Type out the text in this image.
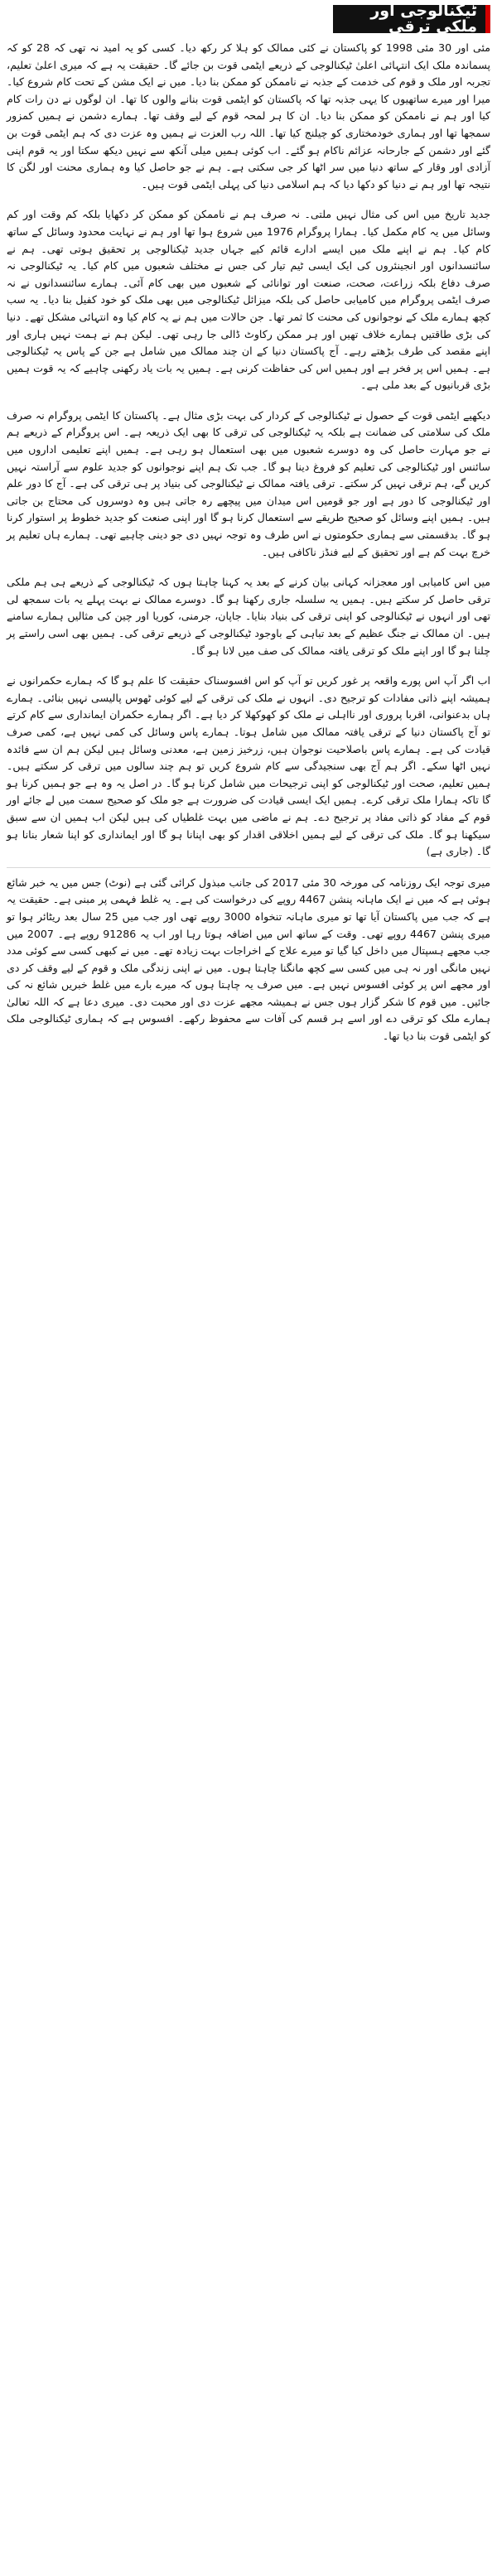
ٹیکنالوجی اور ملکی ترقی

مئی اور 30 مئی 1998 کو پاکستان نے کئی ممالک کو ہلا کر رکھ دیا۔ کسی کو یہ امید نہ تھی کہ 28 کو کہ پسماندہ ملک ایک انتہائی اعلیٰ ٹیکنالوجی کے ذریعے ایٹمی قوت بن جائے گا۔ حقیقت یہ ہے کہ میری اعلیٰ تعلیم، تجربہ اور ملک و قوم کی خدمت کے جذبہ نے ناممکن کو ممکن بنا دیا۔ میں نے ایک مشن کے تحت کام شروع کیا۔ میرا اور میرے ساتھیوں کا یہی جذبہ تھا کہ پاکستان کو ایٹمی قوت بنانے والوں کا تھا۔ ان لوگوں نے دن رات کام کیا اور ہم نے ناممکن کو ممکن بنا دیا۔ ان کا ہر لمحہ قوم کے لیے وقف تھا۔ ہمارے دشمن نے ہمیں کمزور سمجھا تھا اور ہماری خودمختاری کو چیلنج کیا تھا۔ اللہ رب العزت نے ہمیں وہ عزت دی کہ ہم ایٹمی قوت بن گئے اور دشمن کے جارحانہ عزائم ناکام ہو گئے۔ اب کوئی ہمیں میلی آنکھ سے نہیں دیکھ سکتا اور یہ قوم اپنی آزادی اور وقار کے ساتھ دنیا میں سر اٹھا کر جی سکتی ہے۔ ہم نے جو حاصل کیا وہ ہماری محنت اور لگن کا نتیجہ تھا اور ہم نے دنیا کو دکھا دیا کہ ہم اسلامی دنیا کی پہلی ایٹمی قوت ہیں۔

جدید تاریخ میں اس کی مثال نہیں ملتی۔ نہ صرف ہم نے ناممکن کو ممکن کر دکھایا بلکہ کم وقت اور کم وسائل میں یہ کام مکمل کیا۔ ہمارا پروگرام 1976 میں شروع ہوا تھا اور ہم نے نہایت محدود وسائل کے ساتھ کام کیا۔ ہم نے اپنے ملک میں ایسے ادارے قائم کیے جہاں جدید ٹیکنالوجی پر تحقیق ہوتی تھی۔ ہم نے سائنسدانوں اور انجینئروں کی ایک ایسی ٹیم تیار کی جس نے مختلف شعبوں میں کام کیا۔ یہ ٹیکنالوجی نہ صرف دفاع بلکہ زراعت، صحت، صنعت اور توانائی کے شعبوں میں بھی کام آئی۔ ہمارے سائنسدانوں نے نہ صرف ایٹمی پروگرام میں کامیابی حاصل کی بلکہ میزائل ٹیکنالوجی میں بھی ملک کو خود کفیل بنا دیا۔ یہ سب کچھ ہمارے ملک کے نوجوانوں کی محنت کا ثمر تھا۔ جن حالات میں ہم نے یہ کام کیا وہ انتہائی مشکل تھے۔ دنیا کی بڑی طاقتیں ہمارے خلاف تھیں اور ہر ممکن رکاوٹ ڈالی جا رہی تھی۔ لیکن ہم نے ہمت نہیں ہاری اور اپنے مقصد کی طرف بڑھتے رہے۔ آج پاکستان دنیا کے ان چند ممالک میں شامل ہے جن کے پاس یہ ٹیکنالوجی ہے۔ ہمیں اس پر فخر ہے اور ہمیں اس کی حفاظت کرنی ہے۔ ہمیں یہ بات یاد رکھنی چاہیے کہ یہ قوت ہمیں بڑی قربانیوں کے بعد ملی ہے۔

دیکھیے ایٹمی قوت کے حصول نے ٹیکنالوجی کے کردار کی بہت بڑی مثال ہے۔ پاکستان کا ایٹمی پروگرام نہ صرف ملک کی سلامتی کی ضمانت ہے بلکہ یہ ٹیکنالوجی کی ترقی کا بھی ایک ذریعہ ہے۔ اس پروگرام کے ذریعے ہم نے جو مہارت حاصل کی وہ دوسرے شعبوں میں بھی استعمال ہو رہی ہے۔ ہمیں اپنے تعلیمی اداروں میں سائنس اور ٹیکنالوجی کی تعلیم کو فروغ دینا ہو گا۔ جب تک ہم اپنے نوجوانوں کو جدید علوم سے آراستہ نہیں کریں گے، ہم ترقی نہیں کر سکتے۔ ترقی یافتہ ممالک نے ٹیکنالوجی کی بنیاد پر ہی ترقی کی ہے۔ آج کا دور علم اور ٹیکنالوجی کا دور ہے اور جو قومیں اس میدان میں پیچھے رہ جاتی ہیں وہ دوسروں کی محتاج بن جاتی ہیں۔ ہمیں اپنے وسائل کو صحیح طریقے سے استعمال کرنا ہو گا اور اپنی صنعت کو جدید خطوط پر استوار کرنا ہو گا۔ بدقسمتی سے ہماری حکومتوں نے اس طرف وہ توجہ نہیں دی جو دینی چاہیے تھی۔ ہمارے ہاں تعلیم پر خرچ بہت کم ہے اور تحقیق کے لیے فنڈز ناکافی ہیں۔

میں اس کامیابی اور معجزانہ کہانی بیان کرنے کے بعد یہ کہنا چاہتا ہوں کہ ٹیکنالوجی کے ذریعے ہی ہم ملکی ترقی حاصل کر سکتے ہیں۔ ہمیں یہ سلسلہ جاری رکھنا ہو گا۔ دوسرے ممالک نے بہت پہلے یہ بات سمجھ لی تھی اور انہوں نے ٹیکنالوجی کو اپنی ترقی کی بنیاد بنایا۔ جاپان، جرمنی، کوریا اور چین کی مثالیں ہمارے سامنے ہیں۔ ان ممالک نے جنگ عظیم کے بعد تباہی کے باوجود ٹیکنالوجی کے ذریعے ترقی کی۔ ہمیں بھی اسی راستے پر چلنا ہو گا اور اپنے ملک کو ترقی یافتہ ممالک کی صف میں لانا ہو گا۔

اب اگر آپ اس پورے واقعہ پر غور کریں تو آپ کو اس افسوسناک حقیقت کا علم ہو گا کہ ہمارے حکمرانوں نے ہمیشہ اپنے ذاتی مفادات کو ترجیح دی۔ انہوں نے ملک کی ترقی کے لیے کوئی ٹھوس پالیسی نہیں بنائی۔ ہمارے ہاں بدعنوانی، اقربا پروری اور نااہلی نے ملک کو کھوکھلا کر دیا ہے۔ اگر ہمارے حکمران ایمانداری سے کام کرتے تو آج پاکستان دنیا کے ترقی یافتہ ممالک میں شامل ہوتا۔ ہمارے پاس وسائل کی کمی نہیں ہے، کمی صرف قیادت کی ہے۔ ہمارے پاس باصلاحیت نوجوان ہیں، زرخیز زمین ہے، معدنی وسائل ہیں لیکن ہم ان سے فائدہ نہیں اٹھا سکے۔ اگر ہم آج بھی سنجیدگی سے کام شروع کریں تو ہم چند سالوں میں ترقی کر سکتے ہیں۔ ہمیں تعلیم، صحت اور ٹیکنالوجی کو اپنی ترجیحات میں شامل کرنا ہو گا۔ در اصل یہ وہ ہے جو ہمیں کرنا ہو گا تاکہ ہمارا ملک ترقی کرے۔ ہمیں ایک ایسی قیادت کی ضرورت ہے جو ملک کو صحیح سمت میں لے جائے اور قوم کے مفاد کو ذاتی مفاد پر ترجیح دے۔ ہم نے ماضی میں بہت غلطیاں کی ہیں لیکن اب ہمیں ان سے سبق سیکھنا ہو گا۔ ملک کی ترقی کے لیے ہمیں اخلاقی اقدار کو بھی اپنانا ہو گا اور ایمانداری کو اپنا شعار بنانا ہو گا۔ (جاری ہے)

میری توجہ ایک روزنامہ کی مورخہ 30 مئی 2017 کی جانب مبذول کرائی گئی ہے (نوٹ) جس میں یہ خبر شائع ہوئی ہے کہ میں نے ایک ماہانہ پنشن 4467 روپے کی درخواست کی ہے۔ یہ غلط فہمی پر مبنی ہے۔ حقیقت یہ ہے کہ جب میں پاکستان آیا تھا تو میری ماہانہ تنخواہ 3000 روپے تھی اور جب میں 25 سال بعد ریٹائر ہوا تو میری پنشن 4467 روپے تھی۔ وقت کے ساتھ اس میں اضافہ ہوتا رہا اور اب یہ 91286 روپے ہے۔ 2007 میں جب مجھے ہسپتال میں داخل کیا گیا تو میرے علاج کے اخراجات بہت زیادہ تھے۔ میں نے کبھی کسی سے کوئی مدد نہیں مانگی اور نہ ہی میں کسی سے کچھ مانگنا چاہتا ہوں۔ میں نے اپنی زندگی ملک و قوم کے لیے وقف کر دی اور مجھے اس پر کوئی افسوس نہیں ہے۔ میں صرف یہ چاہتا ہوں کہ میرے بارے میں غلط خبریں شائع نہ کی جائیں۔ میں قوم کا شکر گزار ہوں جس نے ہمیشہ مجھے عزت دی اور محبت دی۔ میری دعا ہے کہ اللہ تعالیٰ ہمارے ملک کو ترقی دے اور اسے ہر قسم کی آفات سے محفوظ رکھے۔ افسوس ہے کہ ہماری ٹیکنالوجی ملک کو ایٹمی قوت بنا دیا تھا۔
